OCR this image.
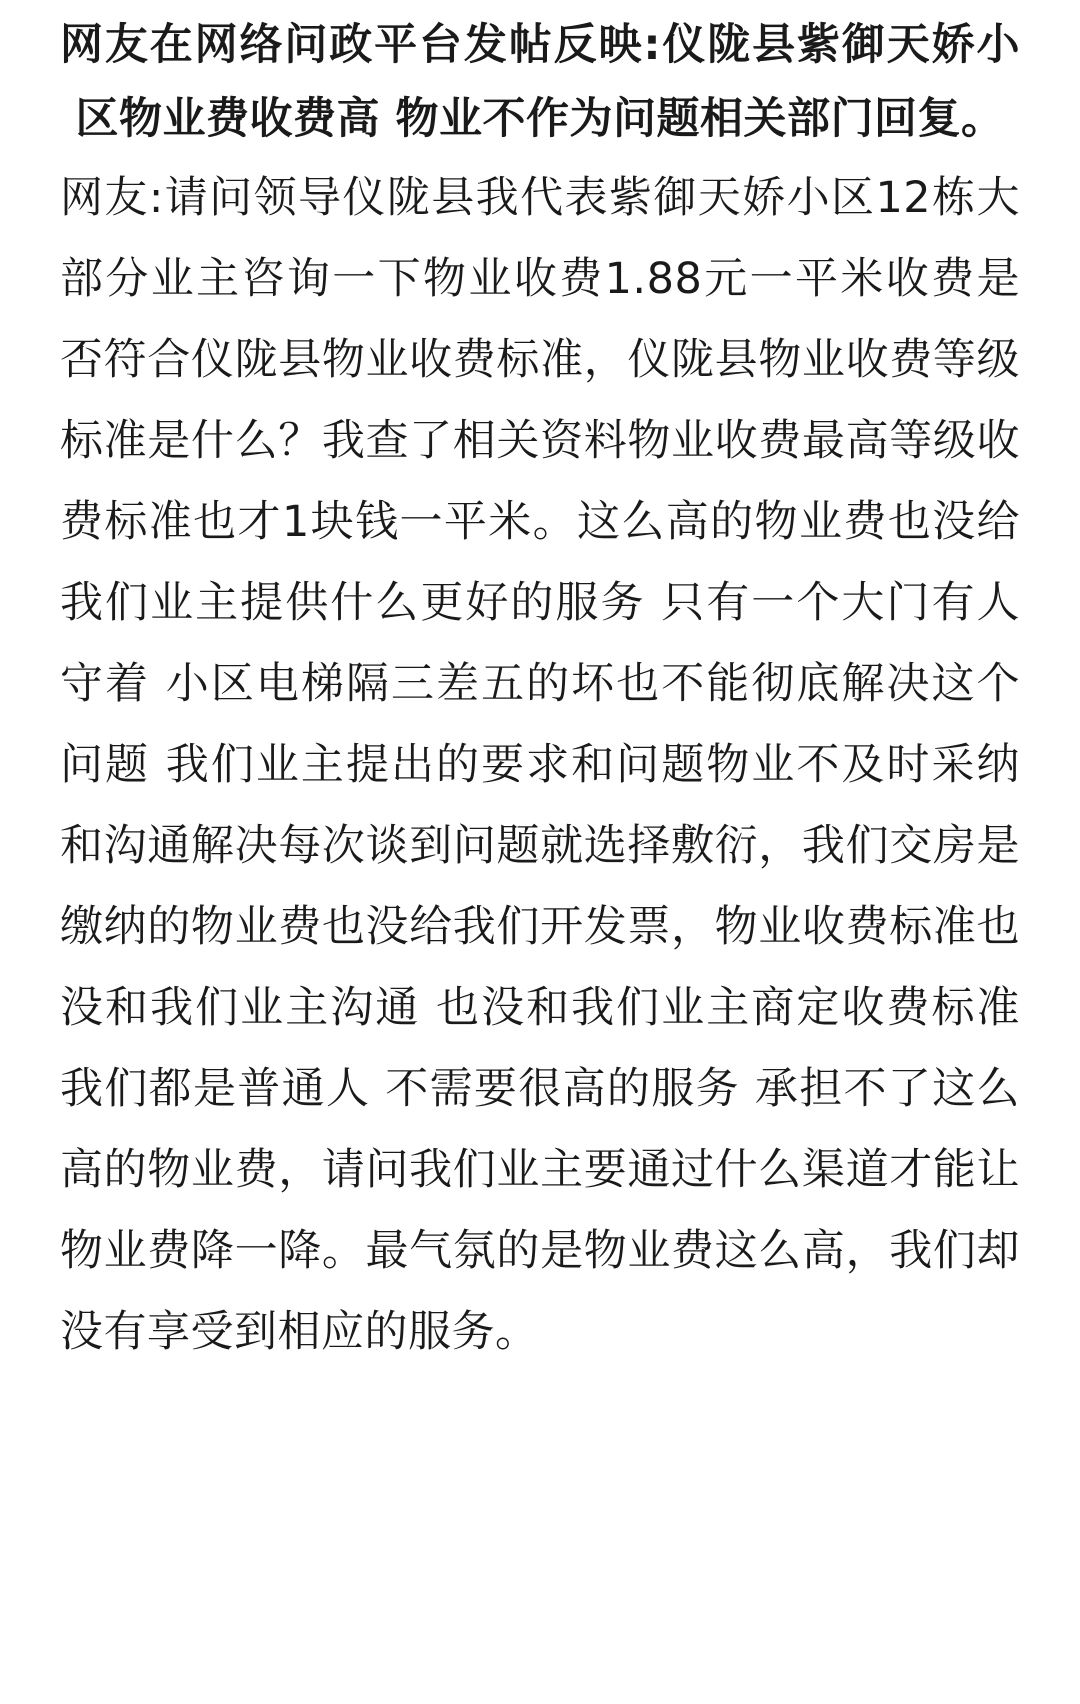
网友在网络问政平台发帖反映:仪陇县紫御天娇小区物业费收费高 物业不作为问题相关部门回复。

网友:请问领导仪陇县我代表紫御天娇小区12栋大部分业主咨询一下物业收费1.88元一平米收费是否符合仪陇县物业收费标准，仪陇县物业收费等级标准是什么？我查了相关资料物业收费最高等级收费标准也才1块钱一平米。这么高的物业费也没给我们业主提供什么更好的服务 只有一个大门有人守着 小区电梯隔三差五的坏也不能彻底解决这个问题 我们业主提出的要求和问题物业不及时采纳和沟通解决每次谈到问题就选择敷衍，我们交房是缴纳的物业费也没给我们开发票，物业收费标准也没和我们业主沟通 也没和我们业主商定收费标准 我们都是普通人 不需要很高的服务 承担不了这么高的物业费，请问我们业主要通过什么渠道才能让物业费降一降。最气氛的是物业费这么高，我们却没有享受到相应的服务。
